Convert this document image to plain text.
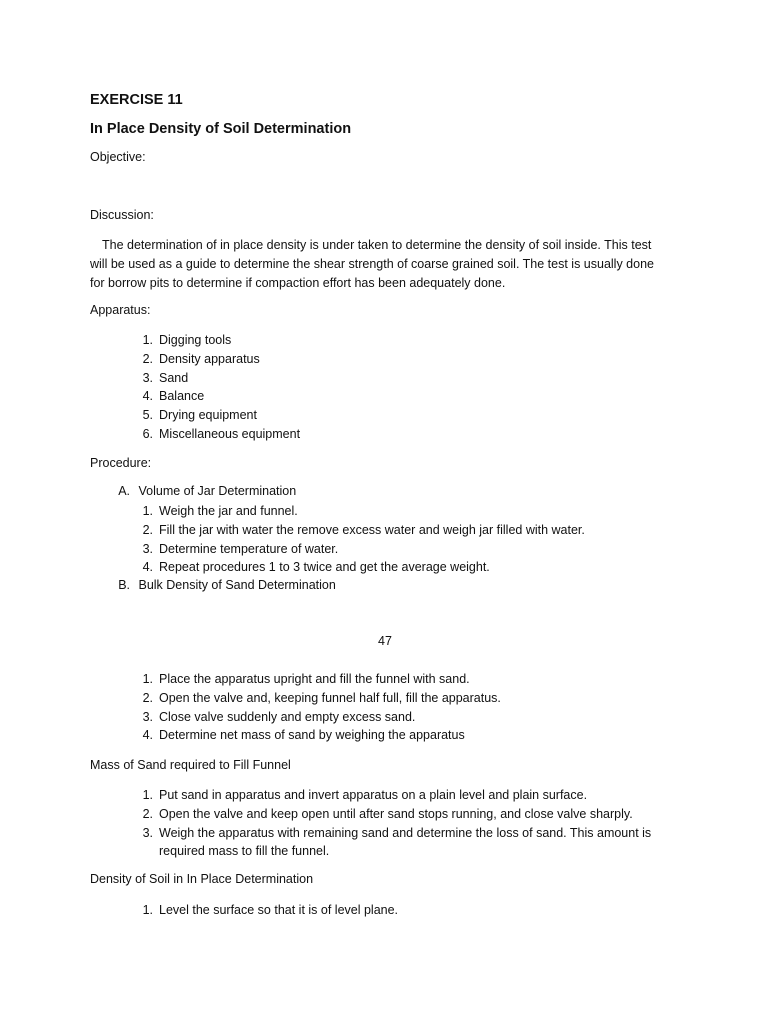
EXERCISE 11
In Place Density of Soil Determination
Objective:
Discussion:
The determination of in place density is under taken to determine the density of soil inside. This test will be used as a guide to determine the shear strength of coarse grained soil. The test is usually done for borrow pits to determine if compaction effort has been adequately done.
Apparatus:
1. Digging tools
2. Density apparatus
3. Sand
4. Balance
5. Drying equipment
6. Miscellaneous equipment
Procedure:
A. Volume of Jar Determination
1. Weigh the jar and funnel.
2. Fill the jar with water the remove excess water and weigh jar filled with water.
3. Determine temperature of water.
4. Repeat procedures 1 to 3 twice and get the average weight.
B. Bulk Density of Sand Determination
47
1. Place the apparatus upright and fill the funnel with sand.
2. Open the valve and, keeping funnel half full, fill the apparatus.
3. Close valve suddenly and empty excess sand.
4. Determine net mass of sand by weighing the apparatus
Mass of Sand required to Fill Funnel
1. Put sand in apparatus and invert apparatus on a plain level and plain surface.
2. Open the valve and keep open until after sand stops running, and close valve sharply.
3. Weigh the apparatus with remaining sand and determine the loss of sand. This amount is required mass to fill the funnel.
Density of Soil in In Place Determination
1. Level the surface so that it is of level plane.
